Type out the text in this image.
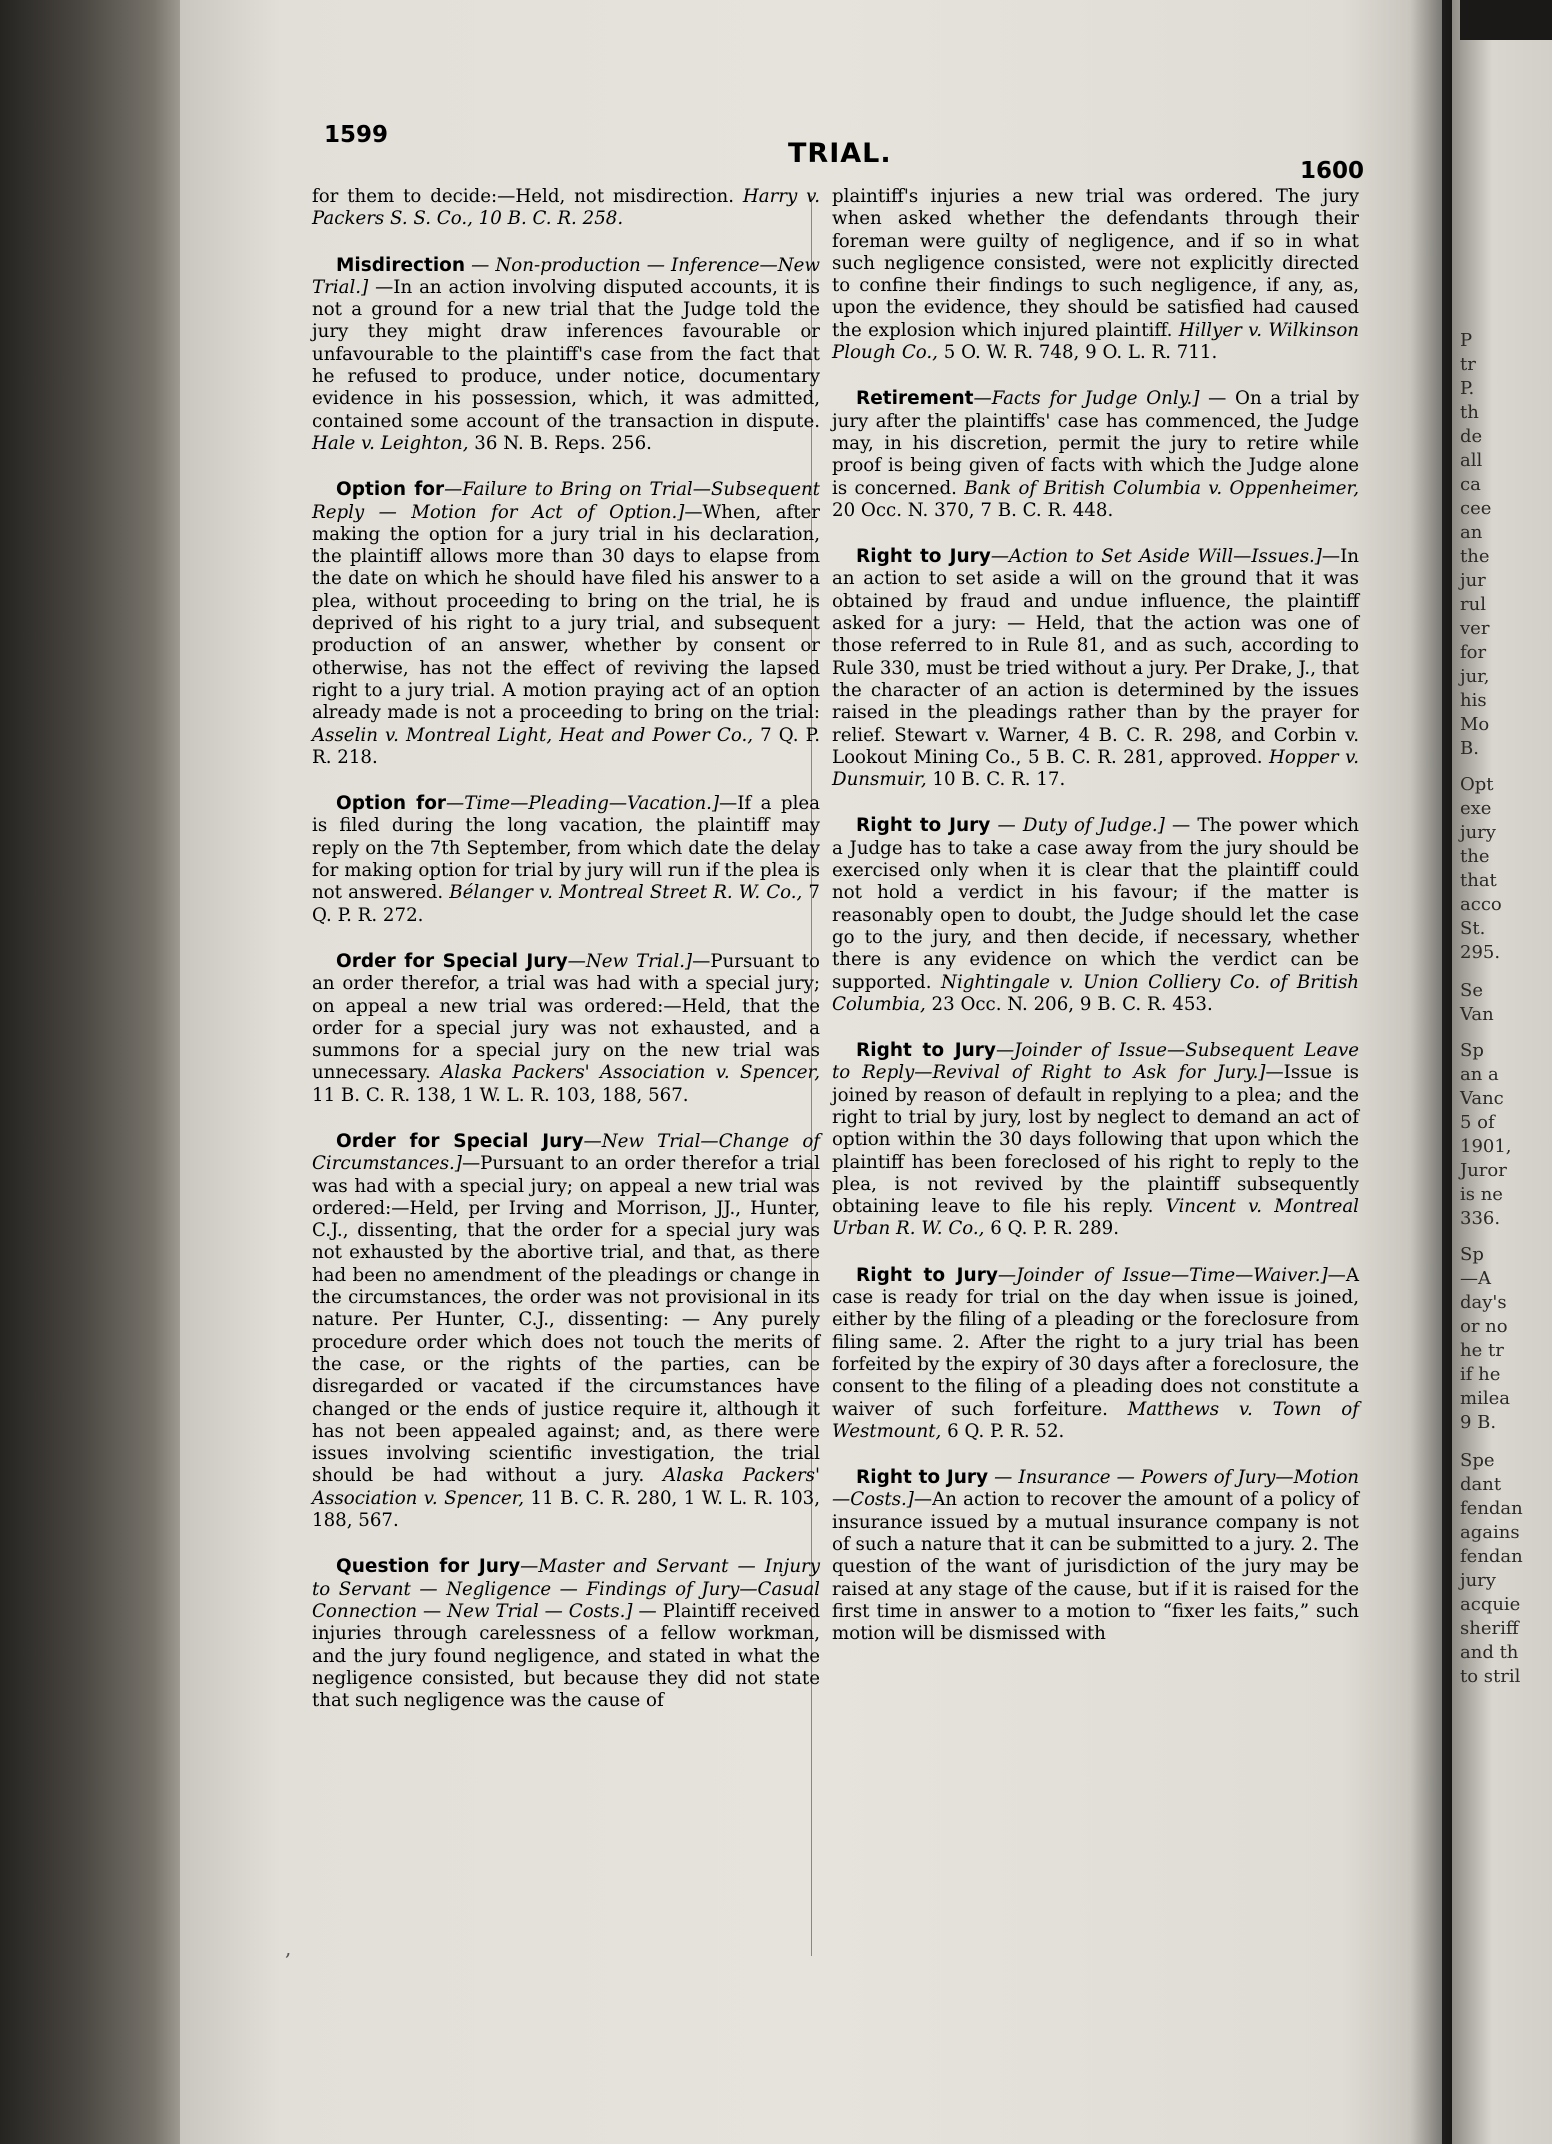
1599
TRIAL.
1600

for them to decide:—Held, not misdirection. Harry v. Packers S. S. Co., 10 B. C. R. 258.

Misdirection — Non-production — Inference—New Trial.] —In an action involving disputed accounts, it is not a ground for a new trial that the Judge told the jury they might draw inferences favourable or unfavourable to the plaintiff's case from the fact that he refused to produce, under notice, documentary evidence in his possession, which, it was admitted, contained some account of the transaction in dispute. Hale v. Leighton, 36 N. B. Reps. 256.

Option for—Failure to Bring on Trial—Subsequent Reply — Motion for Act of Option.]—When, after making the option for a jury trial in his declaration, the plaintiff allows more than 30 days to elapse from the date on which he should have filed his answer to a plea, without proceeding to bring on the trial, he is deprived of his right to a jury trial, and subsequent production of an answer, whether by consent or otherwise, has not the effect of reviving the lapsed right to a jury trial. A motion praying act of an option already made is not a proceeding to bring on the trial: Asselin v. Montreal Light, Heat and Power Co., 7 Q. P. R. 218.

Option for—Time—Pleading—Vacation.]—If a plea is filed during the long vacation, the plaintiff may reply on the 7th September, from which date the delay for making option for trial by jury will run if the plea is not answered. Bélanger v. Montreal Street R. W. Co., 7 Q. P. R. 272.

Order for Special Jury—New Trial.]—Pursuant to an order therefor, a trial was had with a special jury; on appeal a new trial was ordered:—Held, that the order for a special jury was not exhausted, and a summons for a special jury on the new trial was unnecessary. Alaska Packers' Association v. Spencer, 11 B. C. R. 138, 1 W. L. R. 103, 188, 567.

Order for Special Jury—New Trial—Change of Circumstances.]—Pursuant to an order therefor a trial was had with a special jury; on appeal a new trial was ordered:—Held, per Irving and Morrison, JJ., Hunter, C.J., dissenting, that the order for a special jury was not exhausted by the abortive trial, and that, as there had been no amendment of the pleadings or change in the circumstances, the order was not provisional in its nature. Per Hunter, C.J., dissenting: — Any purely procedure order which does not touch the merits of the case, or the rights of the parties, can be disregarded or vacated if the circumstances have changed or the ends of justice require it, although it has not been appealed against; and, as there were issues involving scientific investigation, the trial should be had without a jury. Alaska Packers' Association v. Spencer, 11 B. C. R. 280, 1 W. L. R. 103, 188, 567.

Question for Jury—Master and Servant — Injury to Servant — Negligence — Findings of Jury—Casual Connection — New Trial — Costs.] — Plaintiff received injuries through carelessness of a fellow workman, and the jury found negligence, and stated in what the negligence consisted, but because they did not state that such negligence was the cause of

plaintiff's injuries a new trial was ordered. The jury when asked whether the defendants through their foreman were guilty of negligence, and if so in what such negligence consisted, were not explicitly directed to confine their findings to such negligence, if any, as, upon the evidence, they should be satisfied had caused the explosion which injured plaintiff. Hillyer v. Wilkinson Plough Co., 5 O. W. R. 748, 9 O. L. R. 711.

Retirement—Facts for Judge Only.] — On a trial by jury after the plaintiffs' case has commenced, the Judge may, in his discretion, permit the jury to retire while proof is being given of facts with which the Judge alone is concerned. Bank of British Columbia v. Oppenheimer, 20 Occ. N. 370, 7 B. C. R. 448.

Right to Jury—Action to Set Aside Will—Issues.]—In an action to set aside a will on the ground that it was obtained by fraud and undue influence, the plaintiff asked for a jury: — Held, that the action was one of those referred to in Rule 81, and as such, according to Rule 330, must be tried without a jury. Per Drake, J., that the character of an action is determined by the issues raised in the pleadings rather than by the prayer for relief. Stewart v. Warner, 4 B. C. R. 298, and Corbin v. Lookout Mining Co., 5 B. C. R. 281, approved. Hopper v. Dunsmuir, 10 B. C. R. 17.

Right to Jury — Duty of Judge.] — The power which a Judge has to take a case away from the jury should be exercised only when it is clear that the plaintiff could not hold a verdict in his favour; if the matter is reasonably open to doubt, the Judge should let the case go to the jury, and then decide, if necessary, whether there is any evidence on which the verdict can be supported. Nightingale v. Union Colliery Co. of British Columbia, 23 Occ. N. 206, 9 B. C. R. 453.

Right to Jury—Joinder of Issue—Subsequent Leave to Reply—Revival of Right to Ask for Jury.]—Issue is joined by reason of default in replying to a plea; and the right to trial by jury, lost by neglect to demand an act of option within the 30 days following that upon which the plaintiff has been foreclosed of his right to reply to the plea, is not revived by the plaintiff subsequently obtaining leave to file his reply. Vincent v. Montreal Urban R. W. Co., 6 Q. P. R. 289.

Right to Jury—Joinder of Issue—Time—Waiver.]—A case is ready for trial on the day when issue is joined, either by the filing of a pleading or the foreclosure from filing same. 2. After the right to a jury trial has been forfeited by the expiry of 30 days after a foreclosure, the consent to the filing of a pleading does not constitute a waiver of such forfeiture. Matthews v. Town of Westmount, 6 Q. P. R. 52.

Right to Jury — Insurance — Powers of Jury—Motion—Costs.]—An action to recover the amount of a policy of insurance issued by a mutual insurance company is not of such a nature that it can be submitted to a jury. 2. The question of the want of jurisdiction of the jury may be raised at any stage of the cause, but if it is raised for the first time in answer to a motion to “fixer les faits,” such motion will be dismissed with

,
P
tr
P.
th
de
all
ca
cee
an
the
jur
rul
ver
for
jur,
his
Mo
B.
Opt
exe
jury
the
that
acco
St.
295.
Se
Van
Sp
an a
Vanc
5 of
1901,
Juror
is ne
336.
Sp
—A
day's
or no
he tr
if he
milea
9 B.
Spe
dant
fendan
agains
fendan
jury
acquie
sheriff
and th
to stril
